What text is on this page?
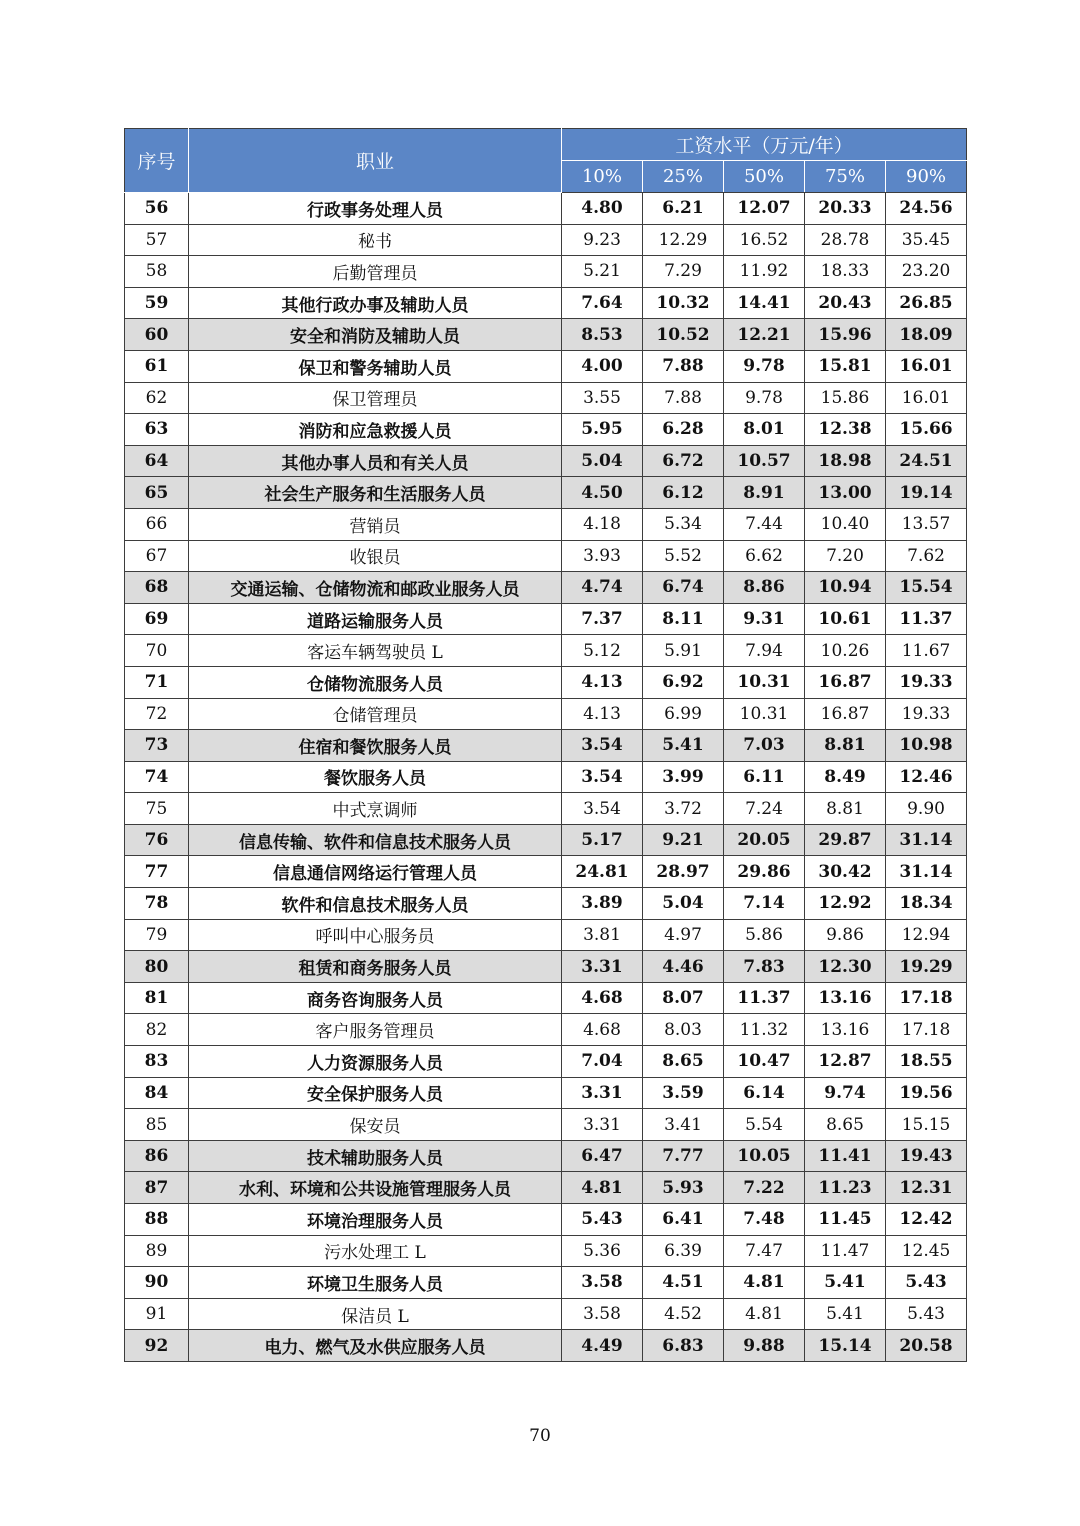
序号	职业	工资水平（万元/年）				
		10%	25%	50%	75%	90%
56	行政事务处理人员	4.80	6.21	12.07	20.33	24.56
57	秘书	9.23	12.29	16.52	28.78	35.45
58	后勤管理员	5.21	7.29	11.92	18.33	23.20
59	其他行政办事及辅助人员	7.64	10.32	14.41	20.43	26.85
60	安全和消防及辅助人员	8.53	10.52	12.21	15.96	18.09
61	保卫和警务辅助人员	4.00	7.88	9.78	15.81	16.01
62	保卫管理员	3.55	7.88	9.78	15.86	16.01
63	消防和应急救援人员	5.95	6.28	8.01	12.38	15.66
64	其他办事人员和有关人员	5.04	6.72	10.57	18.98	24.51
65	社会生产服务和生活服务人员	4.50	6.12	8.91	13.00	19.14
66	营销员	4.18	5.34	7.44	10.40	13.57
67	收银员	3.93	5.52	6.62	7.20	7.62
68	交通运输、仓储物流和邮政业服务人员	4.74	6.74	8.86	10.94	15.54
69	道路运输服务人员	7.37	8.11	9.31	10.61	11.37
70	客运车辆驾驶员 L	5.12	5.91	7.94	10.26	11.67
71	仓储物流服务人员	4.13	6.92	10.31	16.87	19.33
72	仓储管理员	4.13	6.99	10.31	16.87	19.33
73	住宿和餐饮服务人员	3.54	5.41	7.03	8.81	10.98
74	餐饮服务人员	3.54	3.99	6.11	8.49	12.46
75	中式烹调师	3.54	3.72	7.24	8.81	9.90
76	信息传输、软件和信息技术服务人员	5.17	9.21	20.05	29.87	31.14
77	信息通信网络运行管理人员	24.81	28.97	29.86	30.42	31.14
78	软件和信息技术服务人员	3.89	5.04	7.14	12.92	18.34
79	呼叫中心服务员	3.81	4.97	5.86	9.86	12.94
80	租赁和商务服务人员	3.31	4.46	7.83	12.30	19.29
81	商务咨询服务人员	4.68	8.07	11.37	13.16	17.18
82	客户服务管理员	4.68	8.03	11.32	13.16	17.18
83	人力资源服务人员	7.04	8.65	10.47	12.87	18.55
84	安全保护服务人员	3.31	3.59	6.14	9.74	19.56
85	保安员	3.31	3.41	5.54	8.65	15.15
86	技术辅助服务人员	6.47	7.77	10.05	11.41	19.43
87	水利、环境和公共设施管理服务人员	4.81	5.93	7.22	11.23	12.31
88	环境治理服务人员	5.43	6.41	7.48	11.45	12.42
89	污水处理工 L	5.36	6.39	7.47	11.47	12.45
90	环境卫生服务人员	3.58	4.51	4.81	5.41	5.43
91	保洁员 L	3.58	4.52	4.81	5.41	5.43
92	电力、燃气及水供应服务人员	4.49	6.83	9.88	15.14	20.58
70
